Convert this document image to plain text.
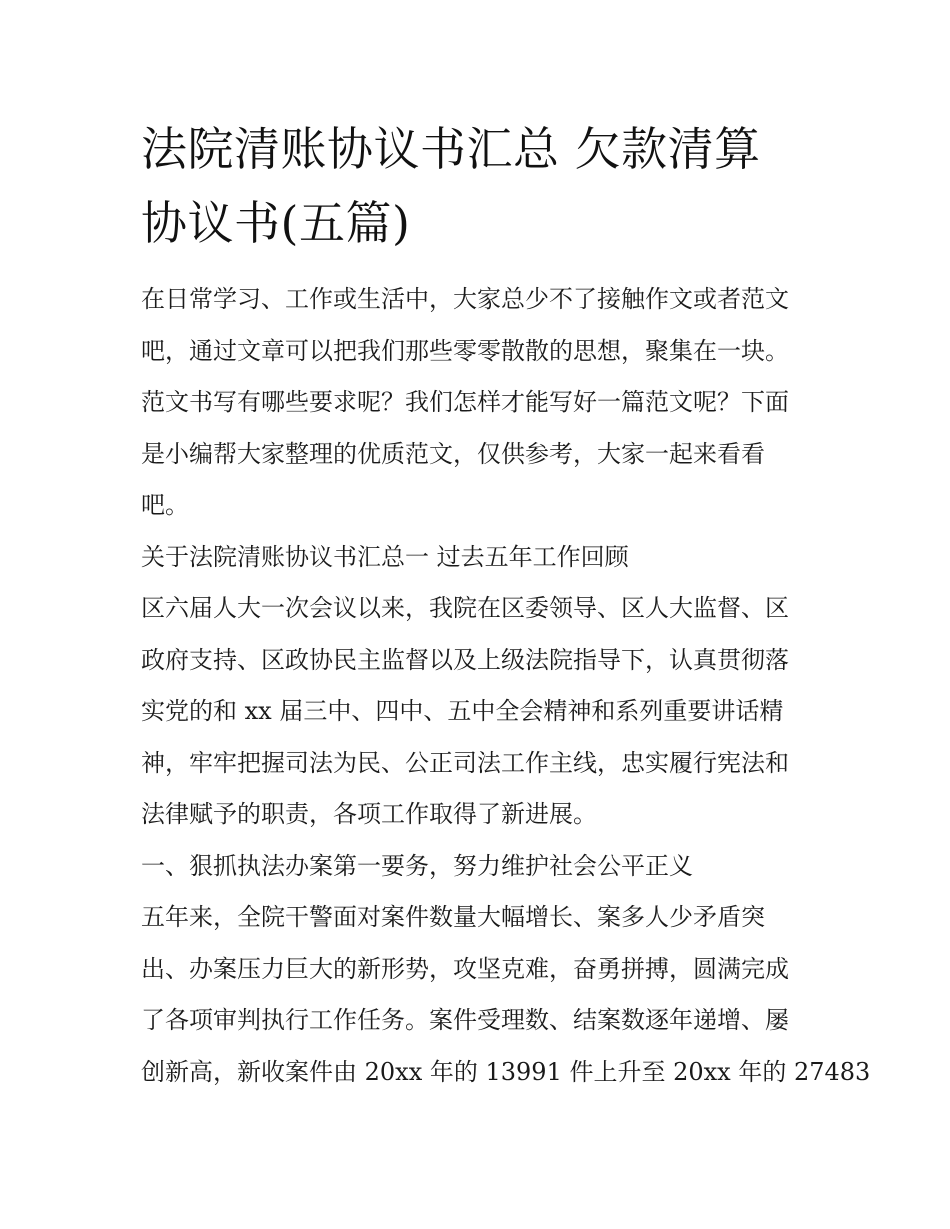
法院清账协议书汇总 欠款清算
协议书(五篇)
在日常学习、工作或生活中，大家总少不了接触作文或者范文
吧，通过文章可以把我们那些零零散散的思想，聚集在一块。
范文书写有哪些要求呢？我们怎样才能写好一篇范文呢？下面
是小编帮大家整理的优质范文，仅供参考，大家一起来看看
吧。
关于法院清账协议书汇总一 过去五年工作回顾
区六届人大一次会议以来，我院在区委领导、区人大监督、区
政府支持、区政协民主监督以及上级法院指导下，认真贯彻落
实党的和 xx 届三中、四中、五中全会精神和系列重要讲话精
神，牢牢把握司法为民、公正司法工作主线，忠实履行宪法和
法律赋予的职责，各项工作取得了新进展。
一、狠抓执法办案第一要务，努力维护社会公平正义
五年来，全院干警面对案件数量大幅增长、案多人少矛盾突
出、办案压力巨大的新形势，攻坚克难，奋勇拼搏，圆满完成
了各项审判执行工作任务。案件受理数、结案数逐年递增、屡
创新高，新收案件由 20xx 年的 13991 件上升至 20xx 年的 27483
